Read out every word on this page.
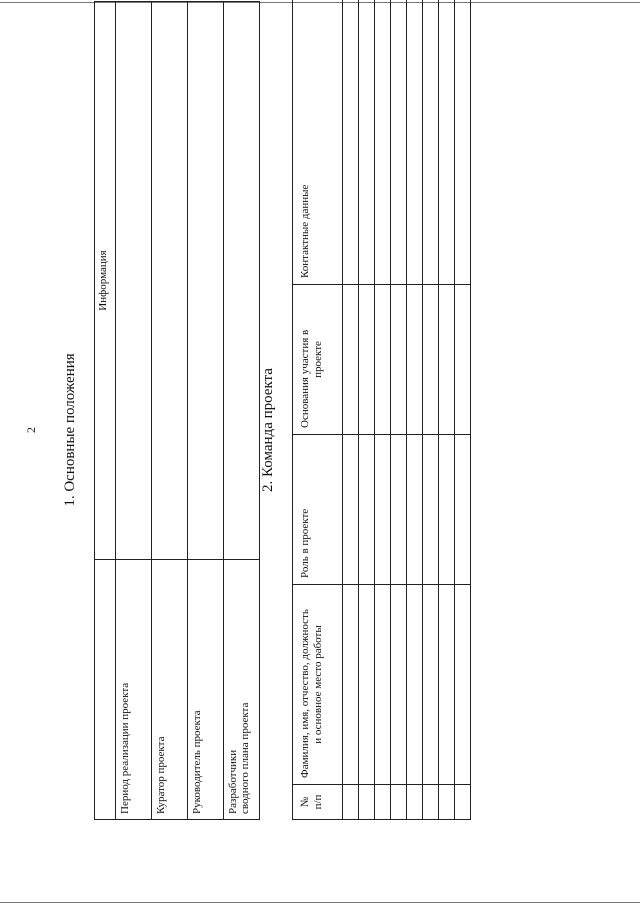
2 1. Основные положения
	Информация
Период реализации проекта	
Куратор проекта	
Руководитель проекта	

Разработчики сводного плана проекта	

2. Команда проекта
№ п/п	Фамилия, имя, отчество, должность и основное место работы	Роль в проекте	Основания участия в проекте	Контактные данные
